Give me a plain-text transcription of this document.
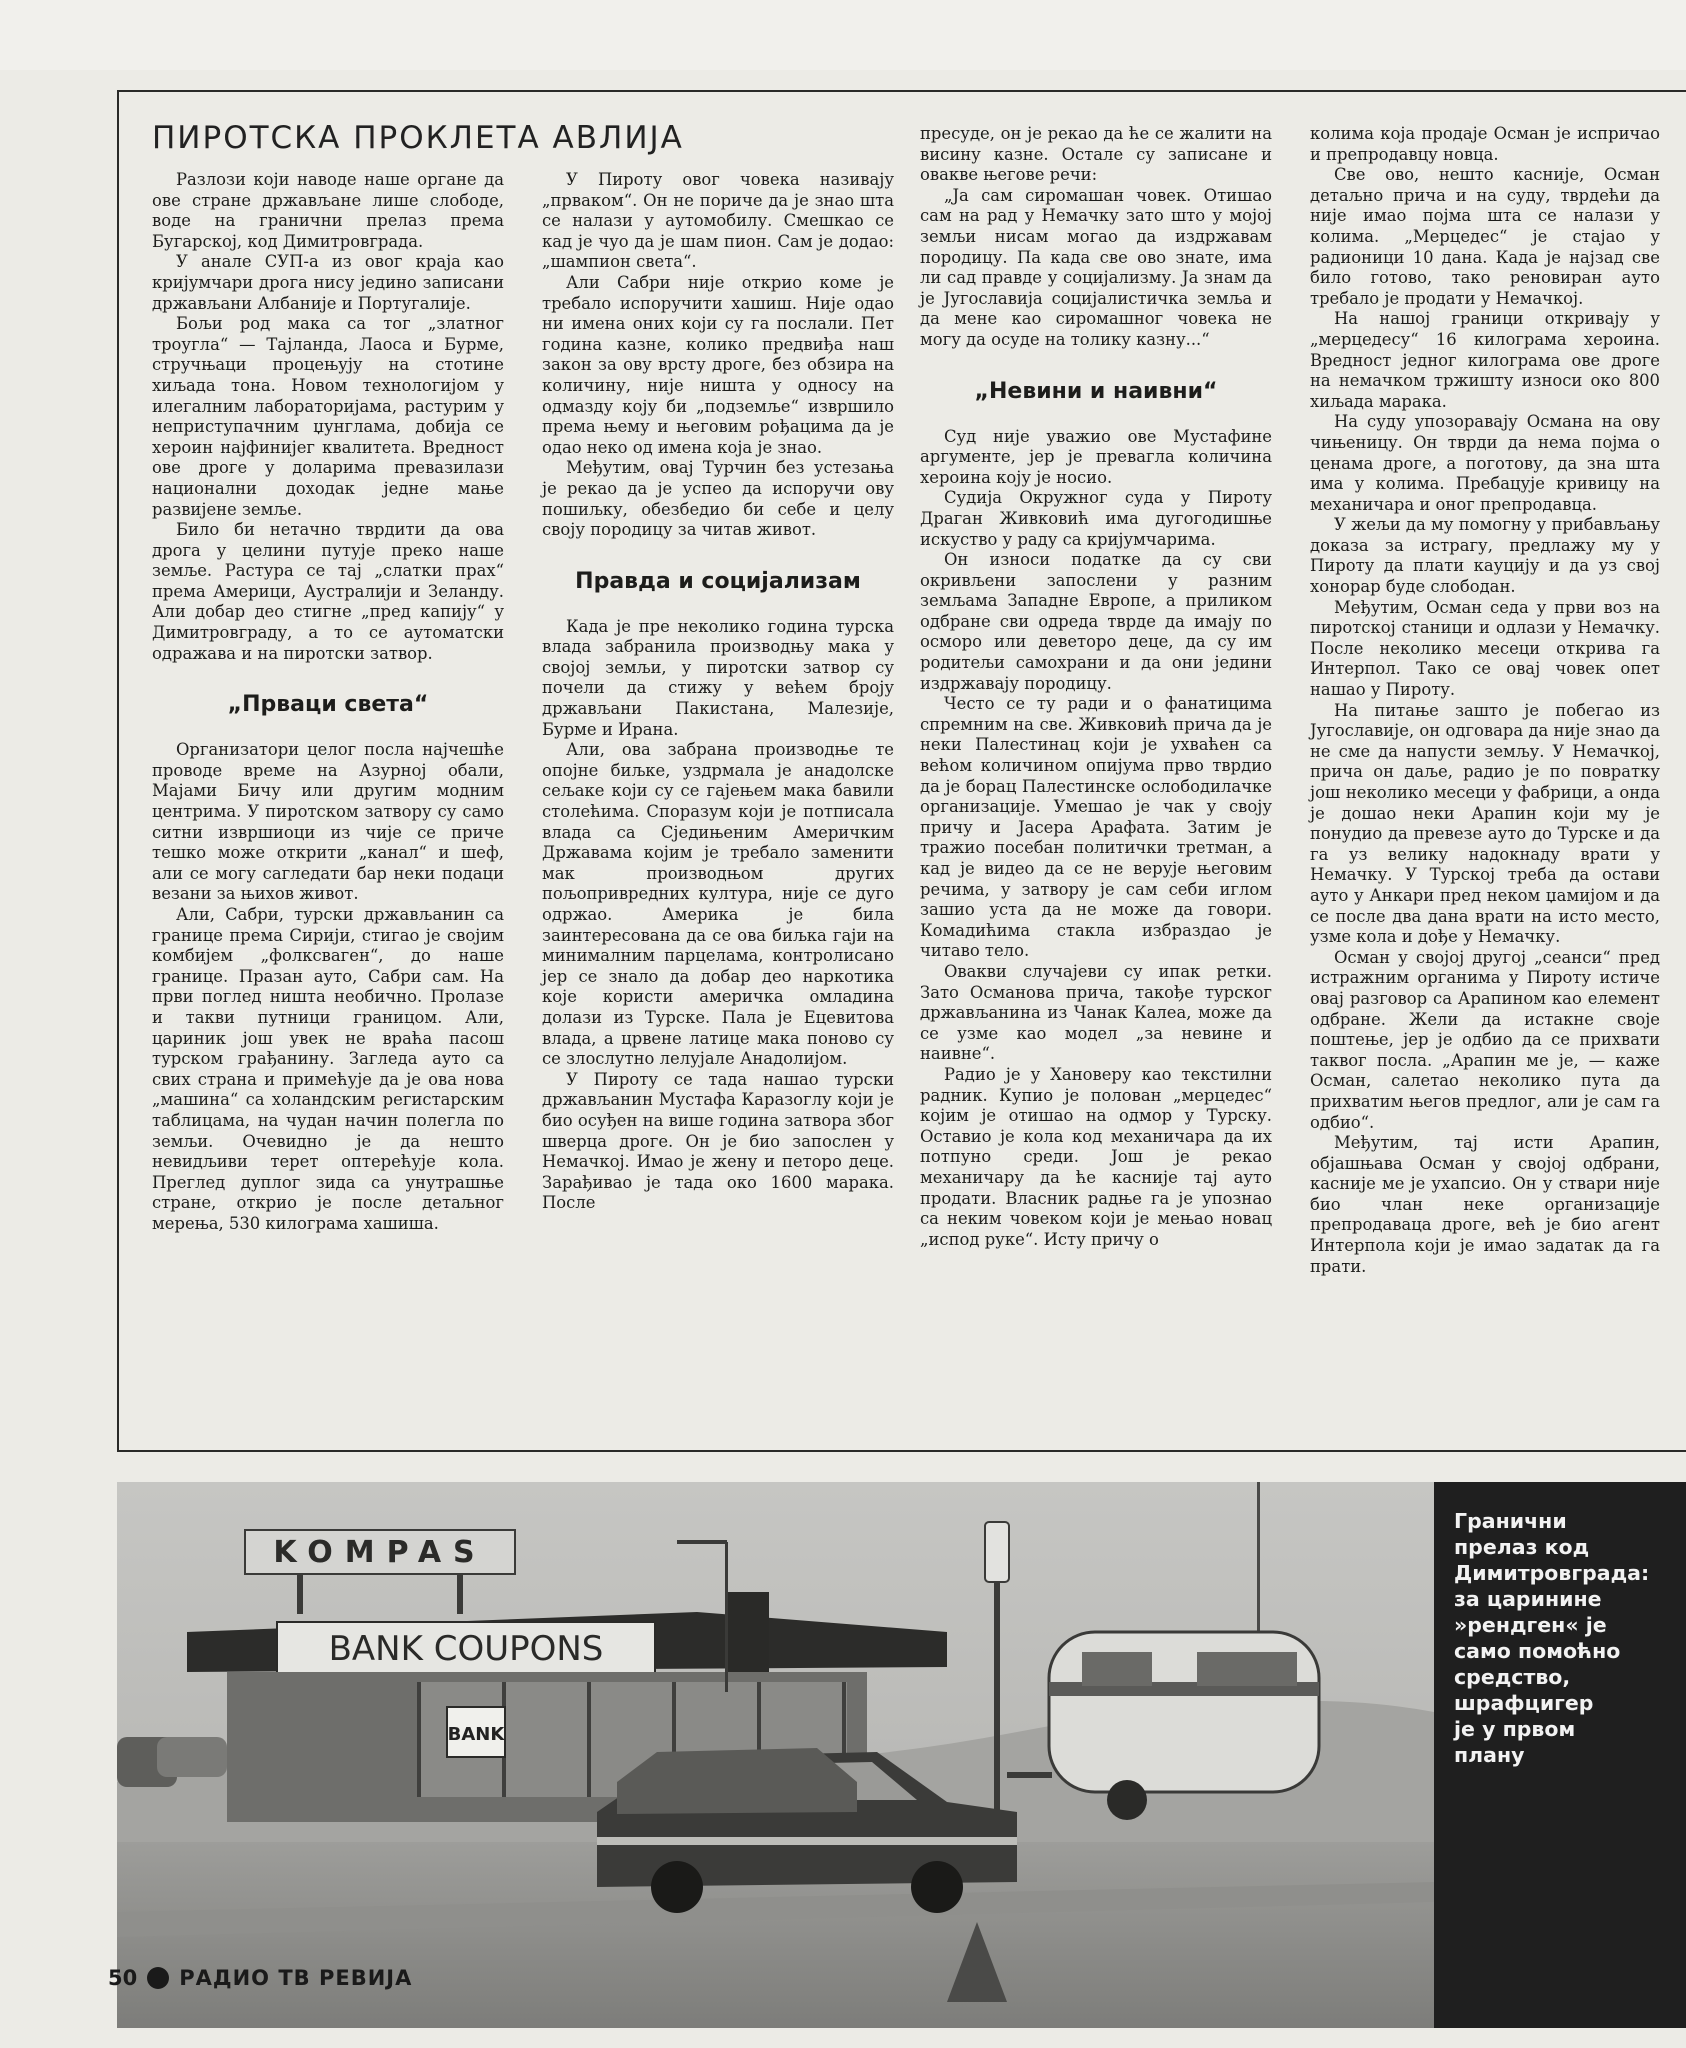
ПИРОТСКА ПРОКЛЕТА АВЛИЈА

Разлози који наводе наше органе да ове стране држављане лише слободе, воде на гранични прелаз према Бугарској, код Димитровграда.

У анале СУП-а из овог краја као кријумчари дрога нису једино записани држављани Албаније и Португалије.

Бољи род мака са тог „златног троугла“ — Тајланда, Лаоса и Бурме, стручњаци процењују на стотине хиљада тона. Новом технологијом у илегалним лабораторијама, растурим у неприступачним џунглама, добија се хероин најфинијег квалитета. Вредност ове дроге у доларима превазилази национални доходак једне мање развијене земље.

Било би нетачно тврдити да ова дрога у целини путује преко наше земље. Растура се тај „слатки прах“ према Америци, Аустралији и Зеланду. Али добар део стигне „пред капију“ у Димитровграду, а то се аутоматски одражава и на пиротски затвор.

„Прваци света“

Организатори целог посла најчешће проводе време на Азурној обали, Мајами Бичу или другим модним центрима. У пиротском затвору су само ситни извршиоци из чије се приче тешко може открити „канал“ и шеф, али се могу сагледати бар неки подаци везани за њихов живот.

Али, Сабри, турски држављанин са границе према Сирији, стигао је својим комбијем „фолксваген“, до наше границе. Празан ауто, Сабри сам. На први поглед ништа необично. Пролазе и такви путници границом. Али, цариник још увек не враћа пасош турском грађанину. Загледа ауто са свих страна и примећује да је ова нова „машина“ са холандским регистарским таблицама, на чудан начин полегла по земљи. Очевидно је да нешто невидљиви терет оптерећује кола. Преглед дуплог зида са унутрашње стране, открио је после детаљног мерења, 530 килограма хашиша.

У Пироту овог човека називају „прваком“. Он не пориче да је знао шта се налази у аутомобилу. Смешкао се кад је чуо да је шам пион. Сам је додао: „шампион света“.

Али Сабри није открио коме је требало испоручити хашиш. Није одао ни имена оних који су га послали. Пет година казне, колико предвиђа наш закон за ову врсту дроге, без обзира на количину, није ништа у односу на одмазду коју би „подземље“ извршило према њему и његовим рођацима да је одао неко од имена која је знао.

Међутим, овај Турчин без устезања је рекао да је успео да испоручи ову пошиљку, обезбедио би себе и целу своју породицу за читав живот.

Правда и социјализам

Када је пре неколико година турска влада забранила производњу мака у својој земљи, у пиротски затвор су почели да стижу у већем броју држављани Пакистана, Малезије, Бурме и Ирана.

Али, ова забрана производње те опојне биљке, уздрмала је анадолске сељаке који су се гајењем мака бавили столећима. Споразум који је потписала влада са Сједињеним Америчким Државама којим је требало заменити мак производњом других пољопривредних култура, није се дуго одржао. Америка је била заинтересована да се ова биљка гаји на минималним парцелама, контролисано јер се знало да добар део наркотика које користи америчка омладина долази из Турске. Пала је Ецевитова влада, а црвене латице мака поново су се злослутно лелујале Анадолијом.

У Пироту се тада нашао турски држављанин Мустафа Каразоглу који је био осуђен на више година затвора због шверца дроге. Он је био запослен у Немачкој. Имао је жену и петоро деце. Зарађивао је тада око 1600 марака. После

пресуде, он је рекао да ће се жалити на висину казне. Остале су записане и овакве његове речи:

„Ја сам сиромашан човек. Отишао сам на рад у Немачку зато што у мојој земљи нисам могао да издржавам породицу. Па када све ово знате, има ли сад правде у социјализму. Ја знам да је Југославија социјалистичка земља и да мене као сиромашног човека не могу да осуде на толику казну...“

„Невини и наивни“

Суд није уважио ове Мустафине аргументе, јер је превагла количина хероина коју је носио.

Судија Окружног суда у Пироту Драган Живковић има дугогодишње искуство у раду са кријумчарима.

Он износи податке да су сви окривљени запослени у разним земљама Западне Европе, а приликом одбране сви одреда тврде да имају по осморо или деветоро деце, да су им родитељи самохрани и да они једини издржавају породицу.

Често се ту ради и о фанатицима спремним на све. Живковић прича да је неки Палестинац који је ухваћен са већом количином опијума прво тврдио да је борац Палестинске ослободилачке организације. Умешао је чак у своју причу и Јасера Арафата. Затим је тражио посебан политички третман, а кад је видео да се не верује његовим речима, у затвору је сам себи иглом зашио уста да не може да говори. Комадићима стакла избраздао је читаво тело.

Овакви случајеви су ипак ретки. Зато Османова прича, такође турског држављанина из Чанак Калеа, може да се узме као модел „за невине и наивне“.

Радио је у Хановеру као текстилни радник. Купио је полован „мерцедес“ којим је отишао на одмор у Турску. Оставио је кола код механичара да их потпуно среди. Још је рекао механичару да ће касније тај ауто продати. Власник радње га је упознао са неким човеком који је мењао новац „испод руке“. Исту причу о

колима која продаје Осман је испричао и препродавцу новца.

Све ово, нешто касније, Осман детаљно прича и на суду, тврдећи да није имао појма шта се налази у колима. „Мерцедес“ је стајао у радионици 10 дана. Када је најзад све било готово, тако реновиран ауто требало је продати у Немачкој.

На нашој граници откривају у „мерцедесу“ 16 килограма хероина. Вредност једног килограма ове дроге на немачком тржишту износи око 800 хиљада марака.

На суду упозоравају Османа на ову чињеницу. Он тврди да нема појма о ценама дроге, а поготову, да зна шта има у колима. Пребацује кривицу на механичара и оног препродавца.

У жељи да му помогну у прибављању доказа за истрагу, предлажу му у Пироту да плати кауцију и да уз свој хонорар буде слободан.

Међутим, Осман седа у први воз на пиротској станици и одлази у Немачку. После неколико месеци открива га Интерпол. Тако се овај човек опет нашао у Пироту.

На питање зашто је побегао из Југославије, он одговара да није знао да не сме да напусти земљу. У Немачкој, прича он даље, радио је по повратку још неколико месеци у фабрици, а онда је дошао неки Арапин који му је понудио да превезе ауто до Турске и да га уз велику надокнаду врати у Немачку. У Турској треба да остави ауто у Анкари пред неком џамијом и да се после два дана врати на исто место, узме кола и дође у Немачку.

Осман у својој другој „сеанси“ пред истражним органима у Пироту истиче овај разговор са Арапином као елемент одбране. Жели да истакне своје поштење, јер је одбио да се прихвати таквог посла. „Арапин ме је, — каже Осман, салетао неколико пута да прихватим његов предлог, али је сам га одбио“.

Међутим, тај исти Арапин, објашњава Осман у својој одбрани, касније ме је ухапсио. Он у ствари није био члан неке организације препродаваца дроге, већ је био агент Интерпола који је имао задатак да га прати.

KOMPAS
BANK COUPONS
BANK
Гранични
прелаз код
Димитровграда:
за царинине
»рендген« је
само помоћно
средство,
шрафцигер
је у првом
плану
50 РАДИО ТВ РЕВИЈА
